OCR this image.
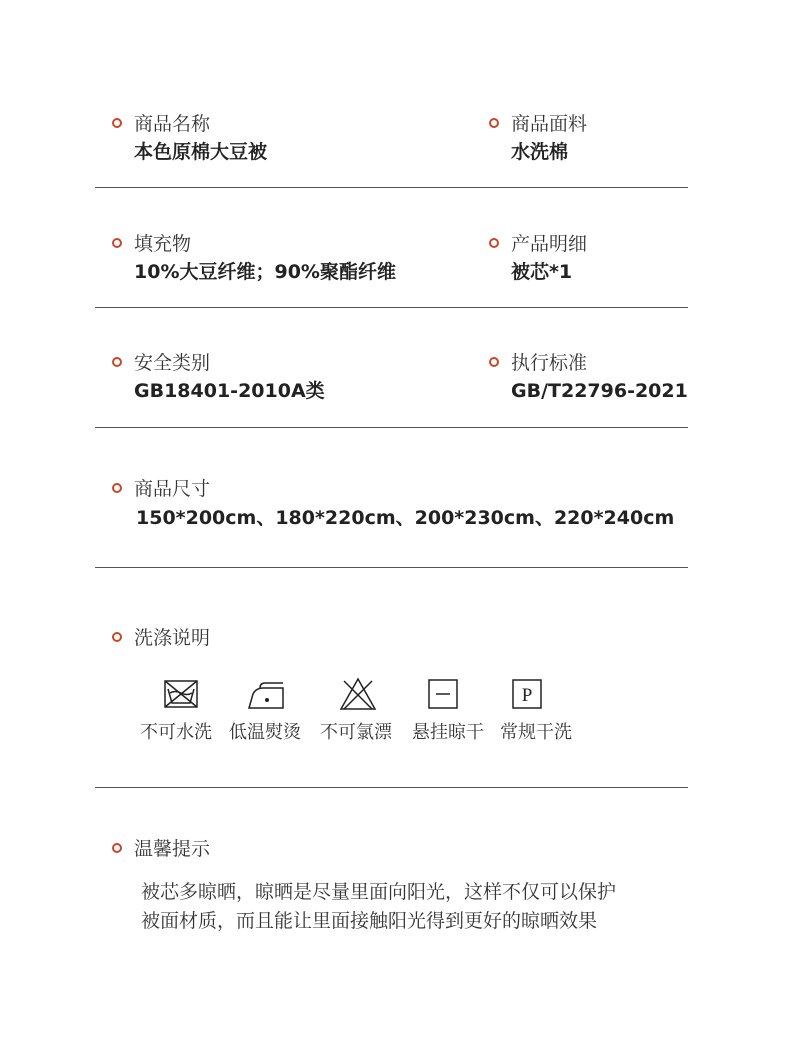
商品名称
本色原棉大豆被
商品面料
水洗棉
填充物
10%大豆纤维；90%聚酯纤维
产品明细
被芯*1
安全类别
GB18401-2010A类
执行标准
GB/T22796-2021
商品尺寸
150*200cm、180*220cm、200*230cm、220*240cm
洗涤说明
P
不可水洗 低温熨烫 不可氯漂 悬挂晾干 常规干洗
温馨提示
被芯多晾晒，晾晒是尽量里面向阳光，这样不仅可以保护
被面材质，而且能让里面接触阳光得到更好的晾晒效果
